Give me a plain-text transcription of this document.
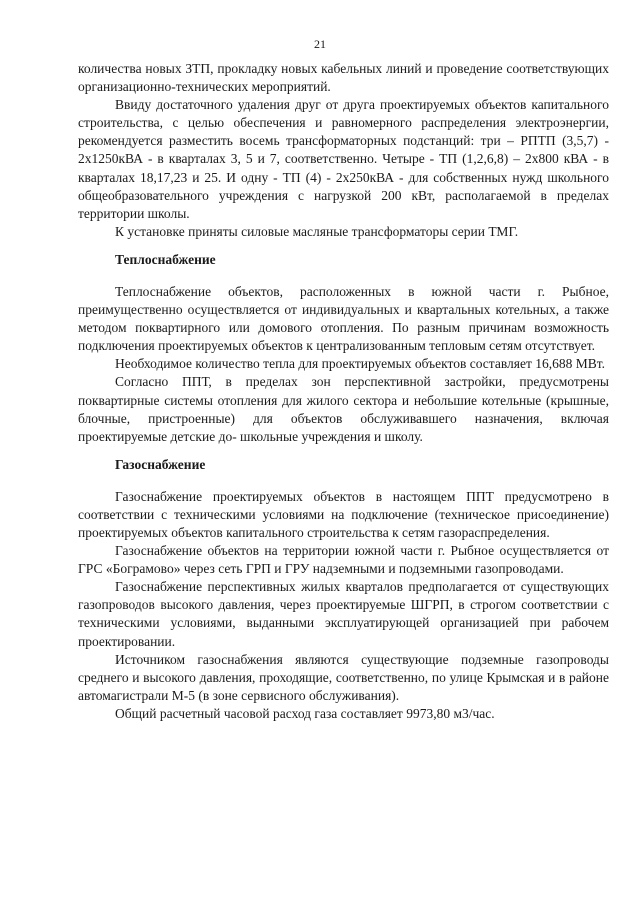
21

количества новых ЗТП, прокладку новых кабельных линий и проведение соответствующих организационно-технических мероприятий.

Ввиду достаточного удаления друг от друга проектируемых объектов капитального строительства, с целью обеспечения и равномерного распределения электроэнергии, рекомендуется разместить восемь трансформаторных подстанций: три – РПТП (3,5,7) - 2х1250кВА - в кварталах 3, 5 и 7, соответственно. Четыре - ТП (1,2,6,8) – 2х800 кВА - в кварталах 18,17,23 и 25. И одну - ТП (4) - 2х250кВА - для собственных нужд школьного общеобразовательного учреждения с нагрузкой 200 кВт, располагаемой в пределах территории школы.

К установке приняты силовые масляные трансформаторы серии ТМГ.

Теплоснабжение

Теплоснабжение объектов, расположенных в южной части г. Рыбное, преимущественно осуществляется от индивидуальных и квартальных котельных, а также методом поквартирного или домового отопления. По разным причинам возможность подключения проектируемых объектов к централизованным тепловым сетям отсутствует.

Необходимое количество тепла для проектируемых объектов составляет 16,688 МВт.

Согласно ППТ, в пределах зон перспективной застройки, предусмотрены поквартирные системы отопления для жилого сектора и небольшие котельные (крышные, блочные, пристроенные) для объектов обслуживавшего назначения, включая проектируемые детские до- школьные учреждения и школу.

Газоснабжение

Газоснабжение проектируемых объектов в настоящем ППТ предусмотрено в соответствии с техническими условиями на подключение (техническое присоединение) проектируемых объектов капитального строительства к сетям газораспределения.

Газоснабжение объектов на территории южной части г. Рыбное осуществляется от ГРС «Бограмово» через сеть ГРП и ГРУ надземными и подземными газопроводами.

Газоснабжение перспективных жилых кварталов предполагается от существующих газопроводов высокого давления, через проектируемые ШГРП, в строгом соответствии с техническими условиями, выданными эксплуатирующей организацией при рабочем проектировании.

Источником газоснабжения являются существующие подземные газопроводы среднего и высокого давления, проходящие, соответственно, по улице Крымская и в районе автомагистрали М-5 (в зоне сервисного обслуживания).

Общий расчетный часовой расход газа составляет 9973,80 м3/час.
